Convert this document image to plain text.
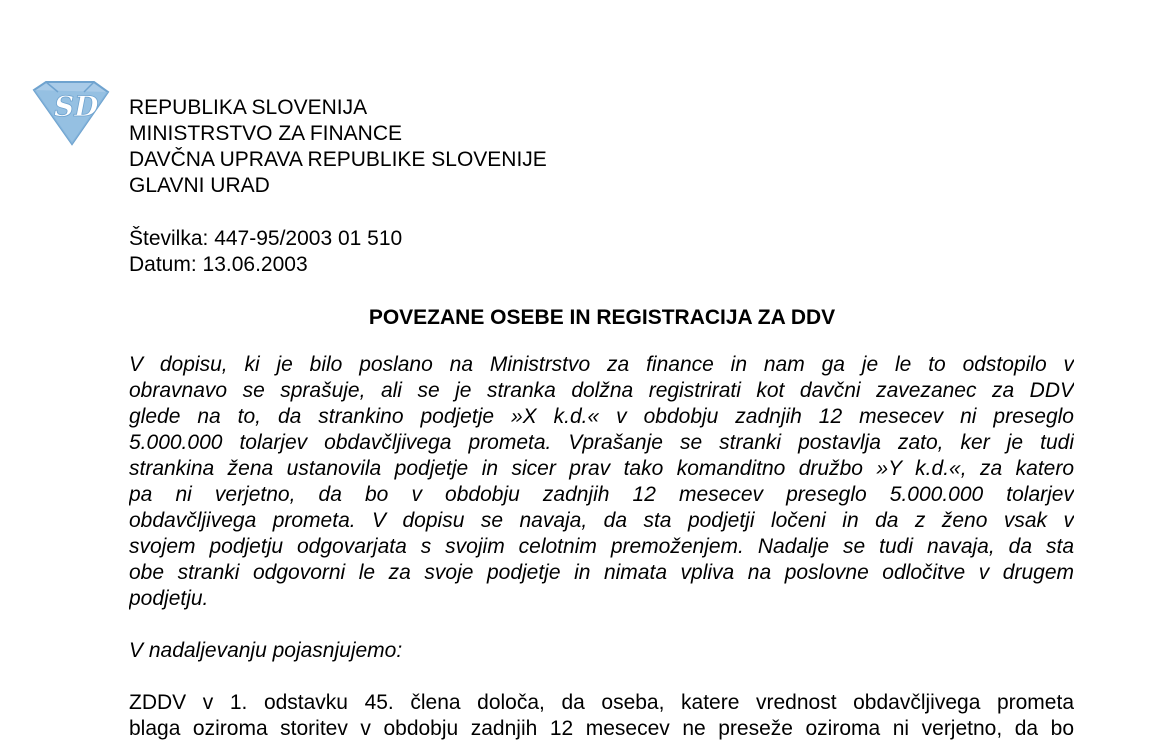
SD REPUBLIKA SLOVENIJA
MINISTRSTVO ZA FINANCE
DAVČNA UPRAVA REPUBLIKE SLOVENIJE
GLAVNI URAD
Številka: 447-95/2003 01 510
Datum: 13.06.2003
POVEZANE OSEBE IN REGISTRACIJA ZA DDV
V dopisu, ki je bilo poslano na Ministrstvo za finance in nam ga je le to odstopilo v
obravnavo se sprašuje, ali se je stranka dolžna registrirati kot davčni zavezanec za DDV
glede na to, da strankino podjetje »X k.d.« v obdobju zadnjih 12 mesecev ni preseglo
5.000.000 tolarjev obdavčljivega prometa. Vprašanje se stranki postavlja zato, ker je tudi
strankina žena ustanovila podjetje in sicer prav tako komanditno družbo »Y k.d.«, za katero
pa ni verjetno, da bo v obdobju zadnjih 12 mesecev preseglo 5.000.000 tolarjev
obdavčljivega prometa. V dopisu se navaja, da sta podjetji ločeni in da z ženo vsak v
svojem podjetju odgovarjata s svojim celotnim premoženjem. Nadalje se tudi navaja, da sta
obe stranki odgovorni le za svoje podjetje in nimata vpliva na poslovne odločitve v drugem
podjetju.
V nadaljevanju pojasnjujemo:
ZDDV v 1. odstavku 45. člena določa, da oseba, katere vrednost obdavčljivega prometa
blaga oziroma storitev v obdobju zadnjih 12 mesecev ne preseže oziroma ni verjetno, da bo
